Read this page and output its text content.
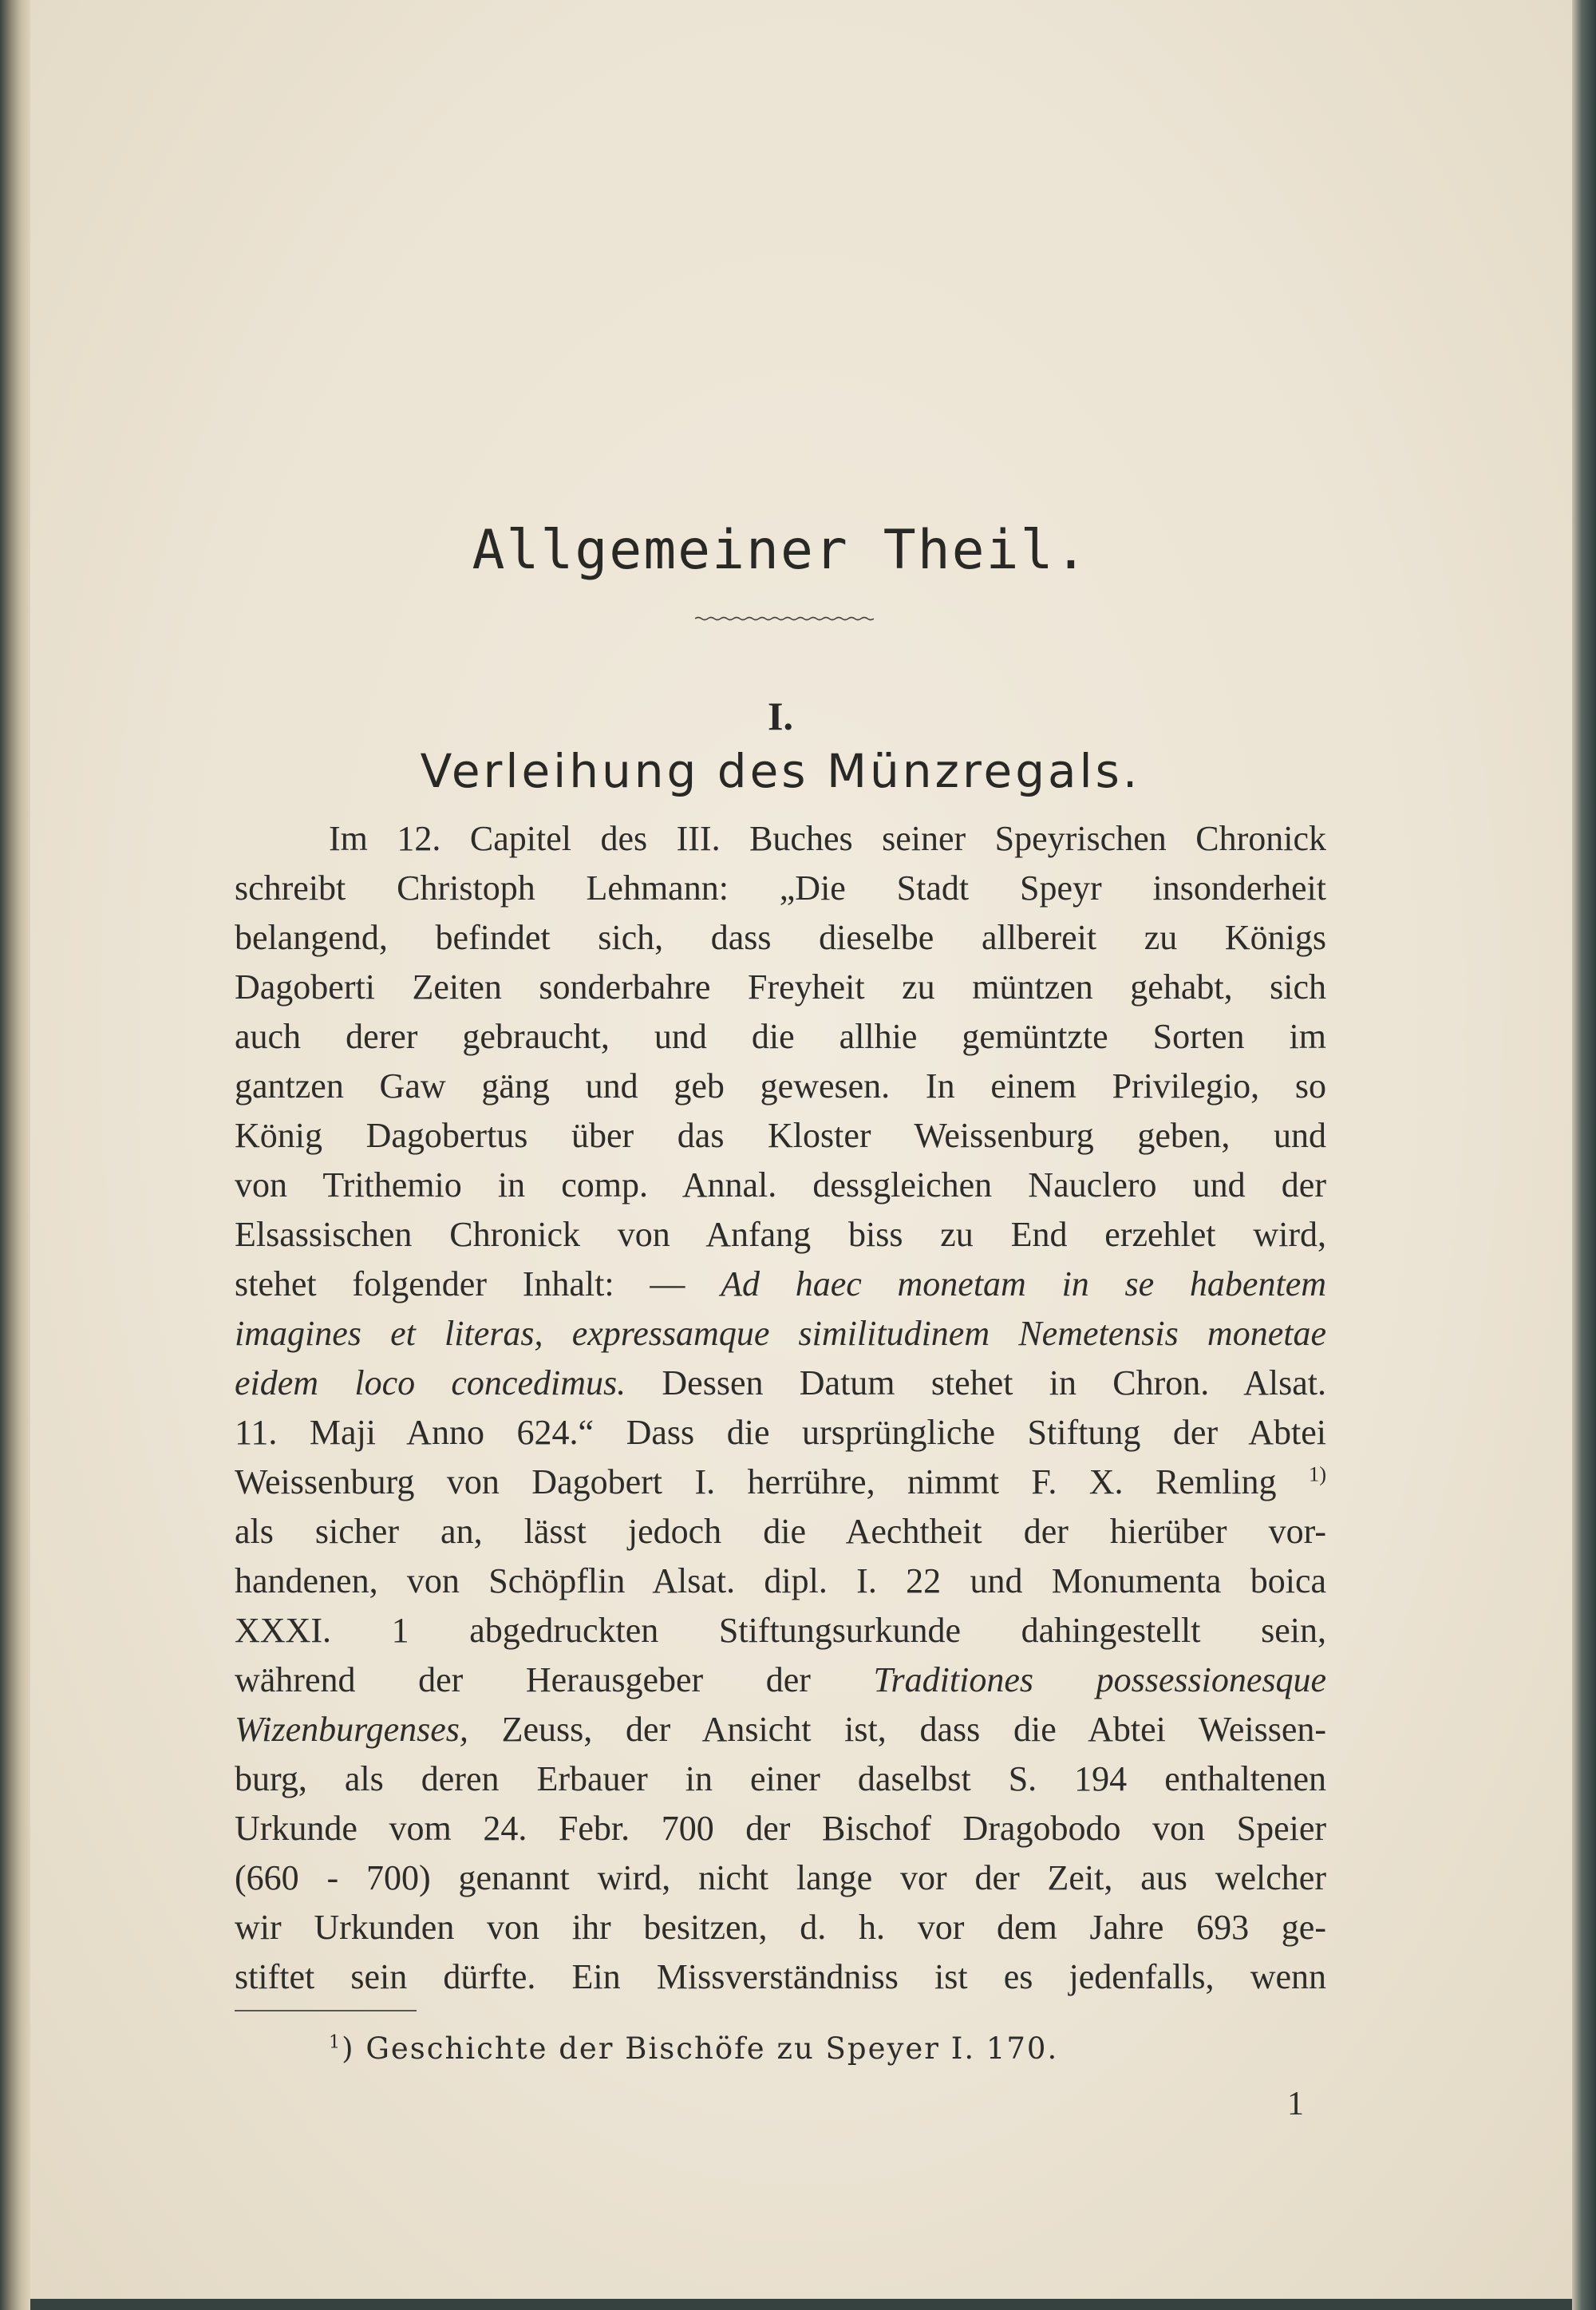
Allgemeiner Theil.
I.
Verleihung des Münzregals.
Im 12. Capitel des III. Buches seiner Speyrischen Chronick
schreibt Christoph Lehmann: „Die Stadt Speyr insonderheit
belangend, befindet sich, dass dieselbe allbereit zu Königs
Dagoberti Zeiten sonderbahre Freyheit zu müntzen gehabt, sich
auch derer gebraucht, und die allhie gemüntzte Sorten im
gantzen Gaw gäng und geb gewesen. In einem Privilegio, so
König Dagobertus über das Kloster Weissenburg geben, und
von Trithemio in comp. Annal. dessgleichen Nauclero und der
Elsassischen Chronick von Anfang biss zu End erzehlet wird,
stehet folgender Inhalt: — Ad haec monetam in se habentem
imagines et literas, expressamque similitudinem Nemetensis monetae
eidem loco concedimus. Dessen Datum stehet in Chron. Alsat.
11. Maji Anno 624.“ Dass die ursprüngliche Stiftung der Abtei
Weissenburg von Dagobert I. herrühre, nimmt F. X. Remling $^{1)}$
als sicher an, lässt jedoch die Aechtheit der hierüber vor-
handenen, von Schöpflin Alsat. dipl. I. 22 und Monumenta boica
XXXI. 1 abgedruckten Stiftungsurkunde dahingestellt sein,
während der Herausgeber der Traditiones possessionesque
Wizenburgenses, Zeuss, der Ansicht ist, dass die Abtei Weissen-
burg, als deren Erbauer in einer daselbst S. 194 enthaltenen
Urkunde vom 24. Febr. 700 der Bischof Dragobodo von Speier
(660 - 700) genannt wird, nicht lange vor der Zeit, aus welcher
wir Urkunden von ihr besitzen, d. h. vor dem Jahre 693 ge-
stiftet sein dürfte. Ein Missverständniss ist es jedenfalls, wenn
$^1$) Geschichte der Bischöfe zu Speyer I. 170.
1
